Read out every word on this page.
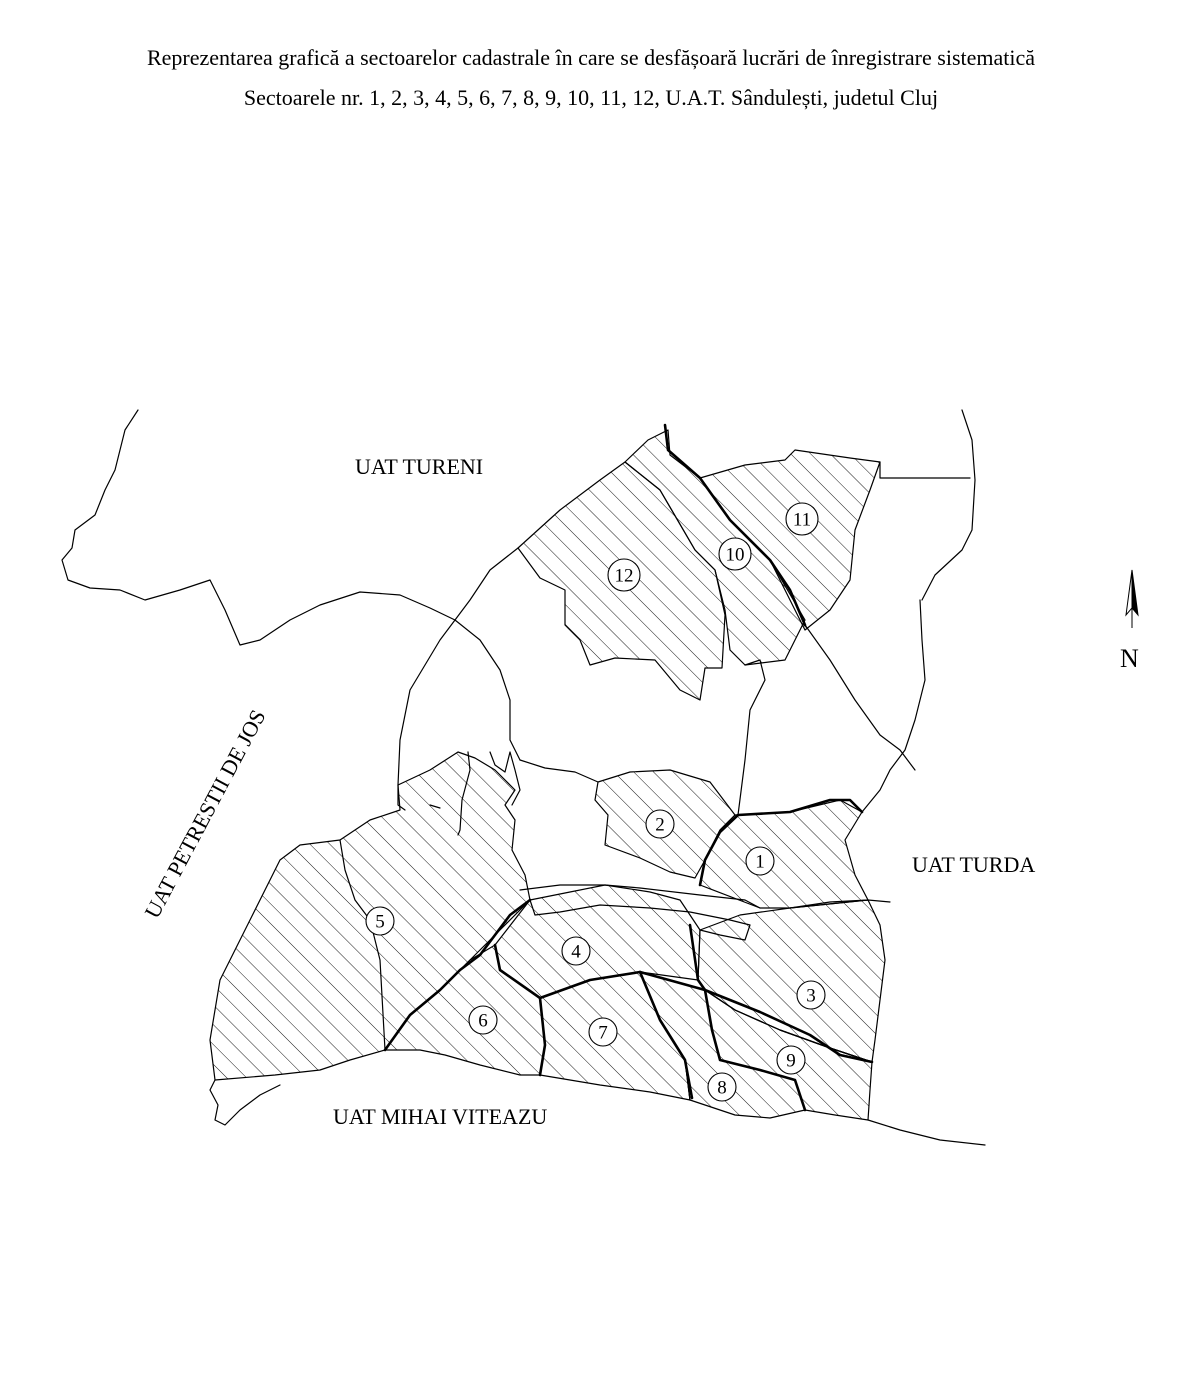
Reprezentarea grafică a sectoarelor cadastrale în care se desfășoară lucrări de înregistrare sistematică
Sectoarele nr. 1, 2, 3, 4, 5, 6, 7, 8, 9, 10, 11, 12, U.A.T. Sândulești, judetul Cluj
1
2
3
4
5
6
7
8
9
10
11
12
UAT TURENI
UAT TURDA
UAT MIHAI VITEAZU
UAT PETRESTII DE JOS
N
